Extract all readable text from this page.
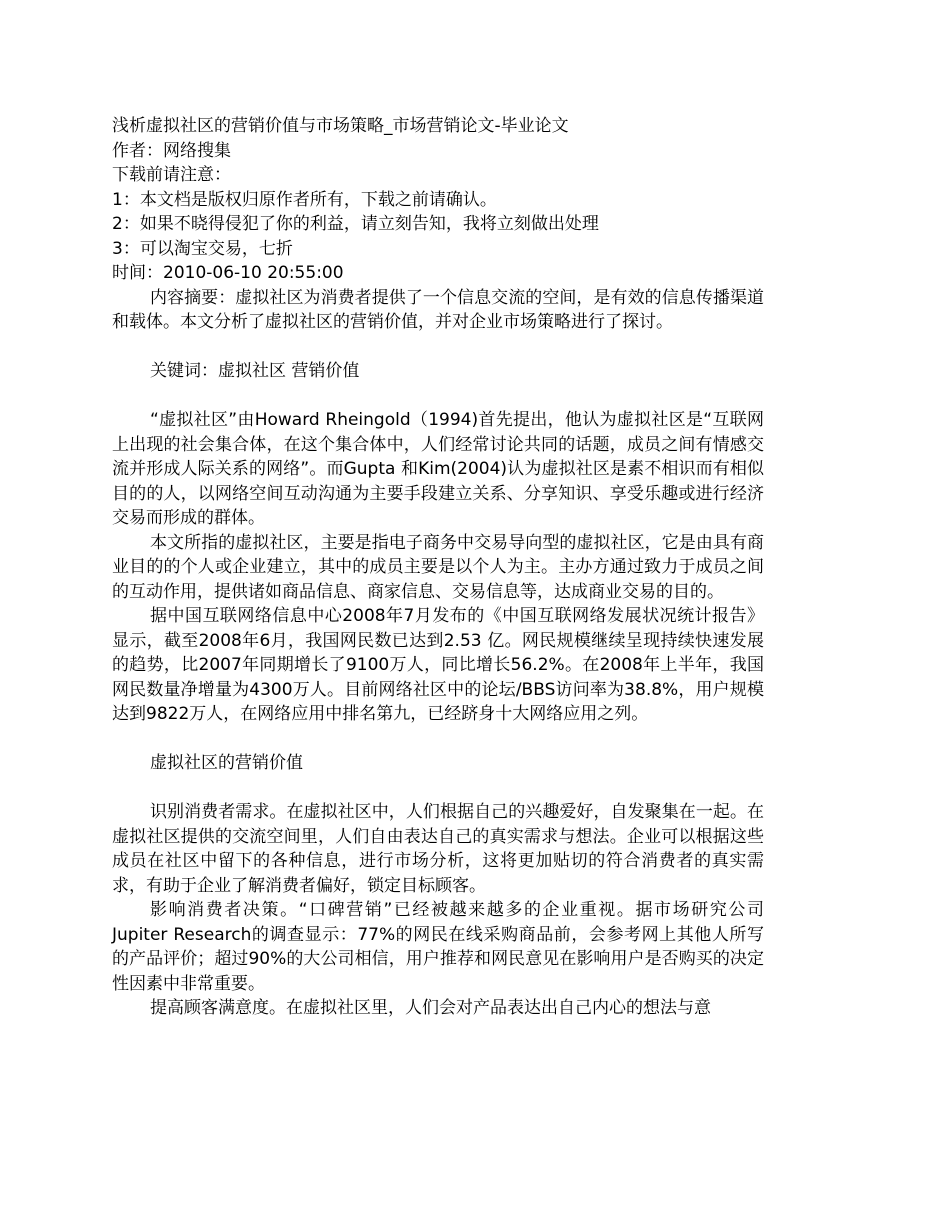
浅析虚拟社区的营销价值与市场策略_市场营销论文-毕业论文
作者：网络搜集
下载前请注意：
1：本文档是版权归原作者所有，下载之前请确认。
2：如果不晓得侵犯了你的利益，请立刻告知，我将立刻做出处理
3：可以淘宝交易，七折
时间：2010-06-10 20:55:00

内容摘要：虚拟社区为消费者提供了一个信息交流的空间，是有效的信息传播渠道和载体。本文分析了虚拟社区的营销价值，并对企业市场策略进行了探讨。

关键词：虚拟社区 营销价值

“虚拟社区”由Howard Rheingold（1994)首先提出，他认为虚拟社区是“互联网上出现的社会集合体，在这个集合体中，人们经常讨论共同的话题，成员之间有情感交流并形成人际关系的网络”。而Gupta 和Kim(2004)认为虚拟社区是素不相识而有相似目的的人，以网络空间互动沟通为主要手段建立关系、分享知识、享受乐趣或进行经济交易而形成的群体。

本文所指的虚拟社区，主要是指电子商务中交易导向型的虚拟社区，它是由具有商业目的的个人或企业建立，其中的成员主要是以个人为主。主办方通过致力于成员之间的互动作用，提供诸如商品信息、商家信息、交易信息等，达成商业交易的目的。

据中国互联网络信息中心2008年7月发布的《中国互联网络发展状况统计报告》显示，截至2008年6月，我国网民数已达到2.53 亿。网民规模继续呈现持续快速发展的趋势，比2007年同期增长了9100万人，同比增长56.2%。在2008年上半年，我国网民数量净增量为4300万人。目前网络社区中的论坛/BBS访问率为38.8%，用户规模达到9822万人，在网络应用中排名第九，已经跻身十大网络应用之列。

虚拟社区的营销价值

识别消费者需求。在虚拟社区中，人们根据自己的兴趣爱好，自发聚集在一起。在虚拟社区提供的交流空间里，人们自由表达自己的真实需求与想法。企业可以根据这些成员在社区中留下的各种信息，进行市场分析，这将更加贴切的符合消费者的真实需求，有助于企业了解消费者偏好，锁定目标顾客。

影响消费者决策。“口碑营销”已经被越来越多的企业重视。据市场研究公司Jupiter Research的调查显示：77%的网民在线采购商品前，会参考网上其他人所写的产品评价；超过90%的大公司相信，用户推荐和网民意见在影响用户是否购买的决定性因素中非常重要。

提高顾客满意度。在虚拟社区里，人们会对产品表达出自己内心的想法与意
